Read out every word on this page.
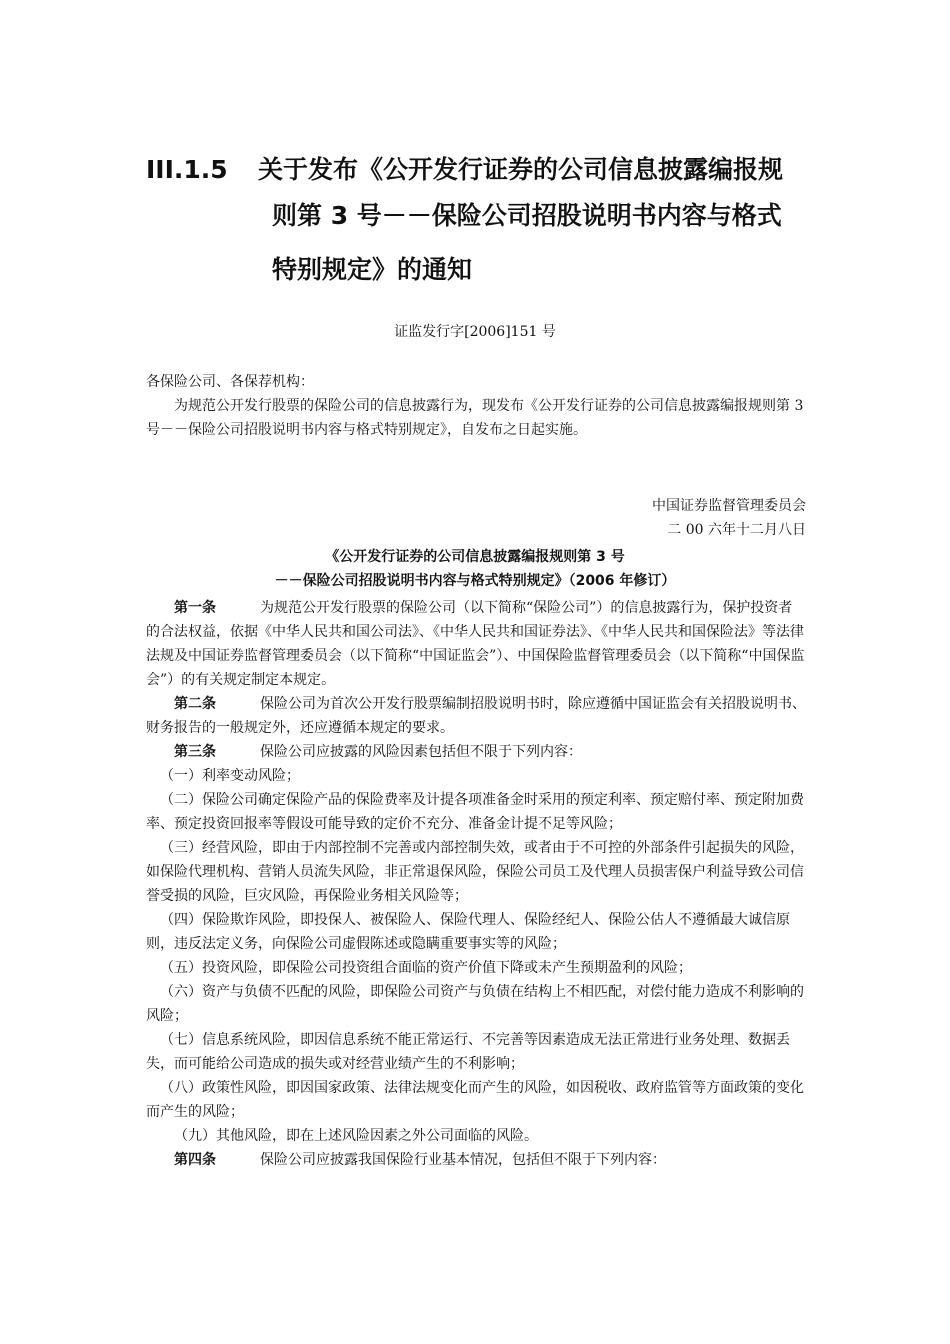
III.1.5 关于发布《公开发行证券的公司信息披露编报规
则第 3 号－－保险公司招股说明书内容与格式
特别规定》的通知
证监发行字[2006]151 号
各保险公司、各保荐机构：

为规范公开发行股票的保险公司的信息披露行为，现发布《公开发行证券的公司信息披露编报规则第 3 号－－保险公司招股说明书内容与格式特别规定》，自发布之日起实施。

中国证券监督管理委员会
二 00 六年十二月八日
《公开发行证券的公司信息披露编报规则第 3 号
－－保险公司招股说明书内容与格式特别规定》（2006 年修订）

第一条	为规范公开发行股票的保险公司（以下简称“保险公司”）的信息披露行为，保护投资者的合法权益，依据《中华人民共和国公司法》、《中华人民共和国证券法》、《中华人民共和国保险法》等法律法规及中国证券监督管理委员会（以下简称“中国证监会”）、中国保险监督管理委员会（以下简称“中国保监会”）的有关规定制定本规定。

第二条	保险公司为首次公开发行股票编制招股说明书时，除应遵循中国证监会有关招股说明书、财务报告的一般规定外，还应遵循本规定的要求。

第三条	保险公司应披露的风险因素包括但不限于下列内容：

（一）利率变动风险；

（二）保险公司确定保险产品的保险费率及计提各项准备金时采用的预定利率、预定赔付率、预定附加费率、预定投资回报率等假设可能导致的定价不充分、准备金计提不足等风险；

（三）经营风险，即由于内部控制不完善或内部控制失效，或者由于不可控的外部条件引起损失的风险，如保险代理机构、营销人员流失风险，非正常退保风险，保险公司员工及代理人员损害保户利益导致公司信誉受损的风险，巨灾风险，再保险业务相关风险等；

（四）保险欺诈风险，即投保人、被保险人、保险代理人、保险经纪人、保险公估人不遵循最大诚信原则，违反法定义务，向保险公司虚假陈述或隐瞒重要事实等的风险；

（五）投资风险，即保险公司投资组合面临的资产价值下降或未产生预期盈利的风险；

（六）资产与负债不匹配的风险，即保险公司资产与负债在结构上不相匹配，对偿付能力造成不利影响的风险；

（七）信息系统风险，即因信息系统不能正常运行、不完善等因素造成无法正常进行业务处理、数据丢失，而可能给公司造成的损失或对经营业绩产生的不利影响；

（八）政策性风险，即因国家政策、法律法规变化而产生的风险，如因税收、政府监管等方面政策的变化而产生的风险；

（九）其他风险，即在上述风险因素之外公司面临的风险。

第四条	保险公司应披露我国保险行业基本情况，包括但不限于下列内容：
